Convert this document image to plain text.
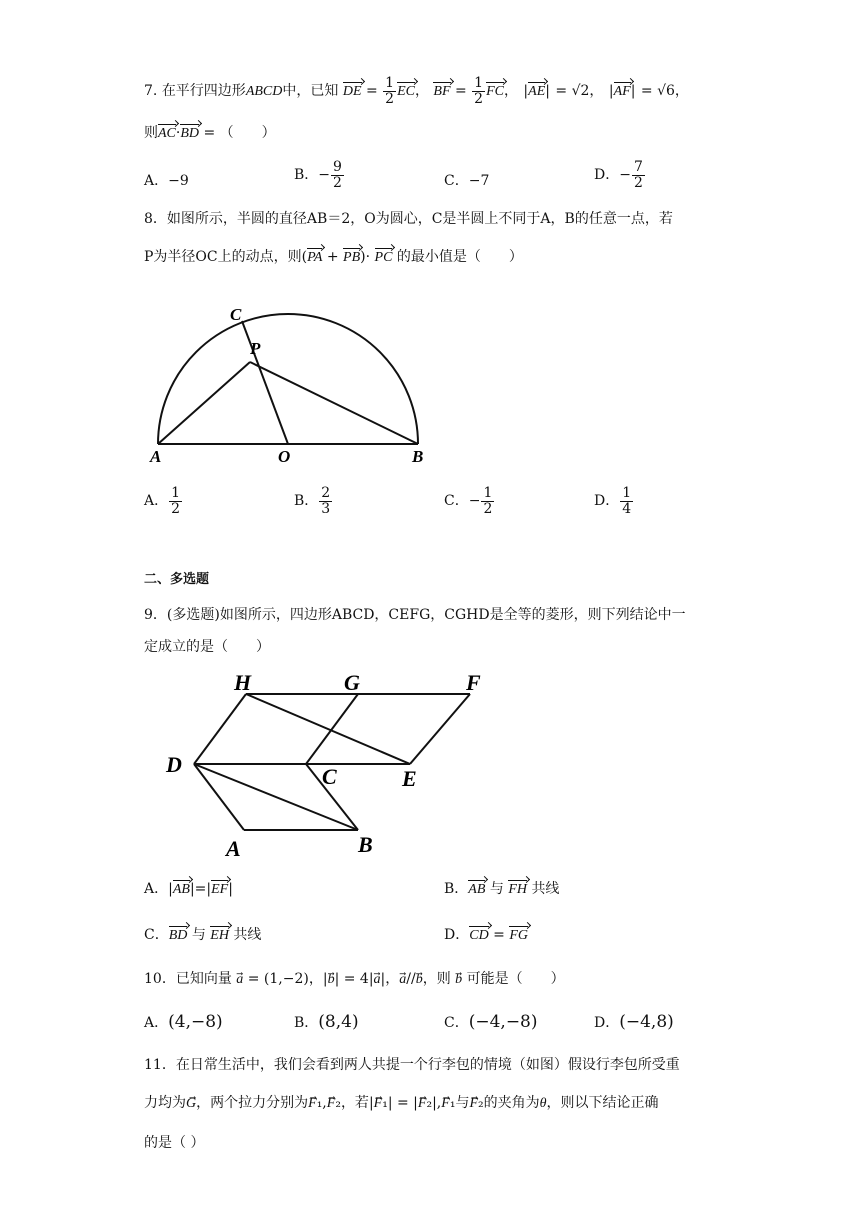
7. 在平行四边形ABCD中，已知 DE = $\frac{1}{2}$ EC， BF = $\frac{1}{2}$ FC， |AE| = √2， |AF| = √6，
则AC·BD = （　　）
A．−9	B．− $\frac{9}{2}$	C．−7	D．− $\frac{7}{2}$
8．如图所示，半圆的直径AB＝2，O为圆心，C是半圆上不同于A，B的任意一点，若
P为半径OC上的动点，则(PA + PB)· PC 的最小值是（　　）
C
P
A	O	B
A． $\frac{1}{2}$	B． $\frac{2}{3}$	C．− $\frac{1}{2}$	D． $\frac{1}{4}$
二、多选题
9．(多选题)如图所示，四边形ABCD，CEFG，CGHD是全等的菱形，则下列结论中一
定成立的是（　　）
H	G	F
D	C	E
A	B
A．|AB|=|EF|	B．AB 与 FH 共线
C．BD 与 EH 共线	D．CD = FG
10．已知向量 a⃗ = (1,−2)，|b⃗| = 4|a⃗|，a⃗//b，则 b⃗ 可能是（　　）
A．(4,−8)	B．(8,4)	C．(−4,−8)	D．(−4,8)
11．在日常生活中，我们会看到两人共提一个行李包的情境（如图）假设行李包所受重
力均为G，两个拉力分别为F⃗₁,F⃗₂，若|F⃗₁| = |F⃗₂|,F⃗₁与F⃗₂的夹角为θ，则以下结论正确
的是（ ）
